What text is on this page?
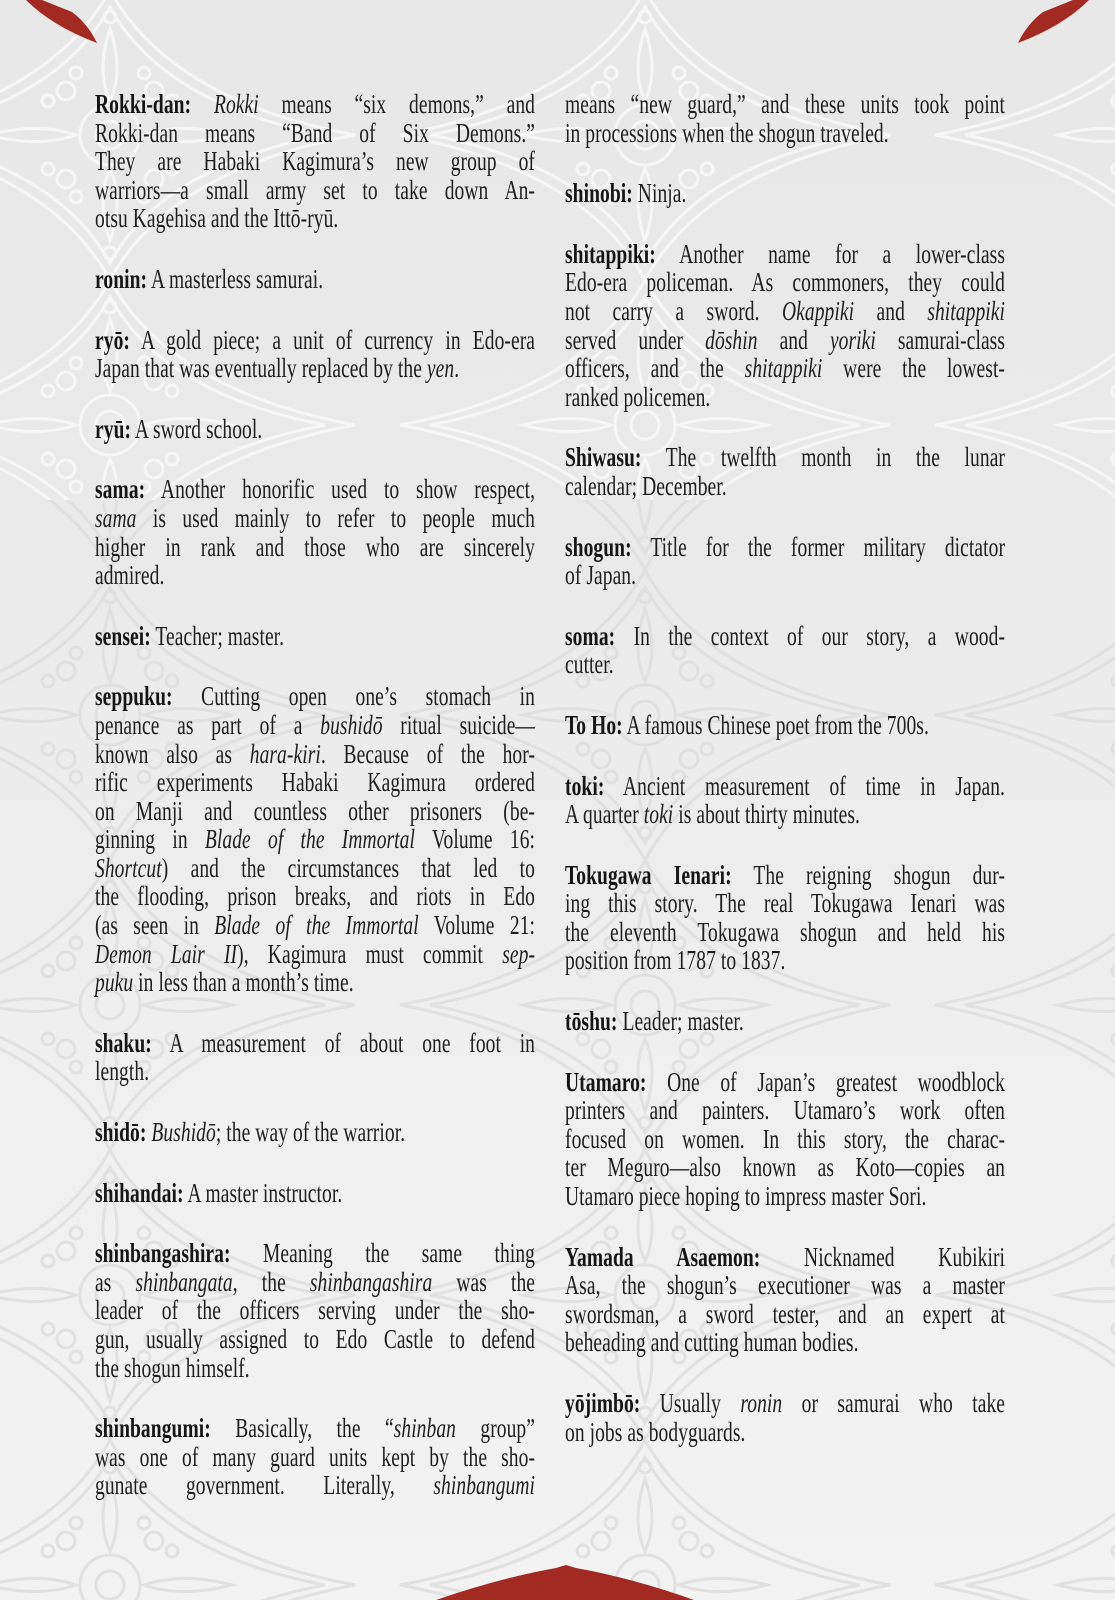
Rokki-dan: Rokki means “six demons,” and
Rokki-dan means “Band of Six Demons.”
They are Habaki Kagimura’s new group of
warriors—a small army set to take down An-
otsu Kagehisa and the Ittō-ryū.
ronin: A masterless samurai.
ryō: A gold piece; a unit of currency in Edo-era
Japan that was eventually replaced by the yen.
ryū: A sword school.
sama: Another honorific used to show respect,
sama is used mainly to refer to people much
higher in rank and those who are sincerely
admired.
sensei: Teacher; master.
seppuku: Cutting open one’s stomach in
penance as part of a bushidō ritual suicide—
known also as hara-kiri. Because of the hor-
rific experiments Habaki Kagimura ordered
on Manji and countless other prisoners (be-
ginning in Blade of the Immortal Volume 16:
Shortcut) and the circumstances that led to
the flooding, prison breaks, and riots in Edo
(as seen in Blade of the Immortal Volume 21:
Demon Lair II), Kagimura must commit sep-
puku in less than a month’s time.
shaku: A measurement of about one foot in
length.
shidō: Bushidō; the way of the warrior.
shihandai: A master instructor.
shinbangashira: Meaning the same thing
as shinbangata, the shinbangashira was the
leader of the officers serving under the sho-
gun, usually assigned to Edo Castle to defend
the shogun himself.
shinbangumi: Basically, the “shinban group”
was one of many guard units kept by the sho-
gunate government. Literally, shinbangumi
means “new guard,” and these units took point
in processions when the shogun traveled.
shinobi: Ninja.
shitappiki: Another name for a lower-class
Edo-era policeman. As commoners, they could
not carry a sword. Okappiki and shitappiki
served under dōshin and yoriki samurai-class
officers, and the shitappiki were the lowest-
ranked policemen.
Shiwasu: The twelfth month in the lunar
calendar; December.
shogun: Title for the former military dictator
of Japan.
soma: In the context of our story, a wood-
cutter.
To Ho: A famous Chinese poet from the 700s.
toki: Ancient measurement of time in Japan.
A quarter toki is about thirty minutes.
Tokugawa Ienari: The reigning shogun dur-
ing this story. The real Tokugawa Ienari was
the eleventh Tokugawa shogun and held his
position from 1787 to 1837.
tōshu: Leader; master.
Utamaro: One of Japan’s greatest woodblock
printers and painters. Utamaro’s work often
focused on women. In this story, the charac-
ter Meguro—also known as Koto—copies an
Utamaro piece hoping to impress master Sori.
Yamada Asaemon: Nicknamed Kubikiri
Asa, the shogun’s executioner was a master
swordsman, a sword tester, and an expert at
beheading and cutting human bodies.
yōjimbō: Usually ronin or samurai who take
on jobs as bodyguards.
